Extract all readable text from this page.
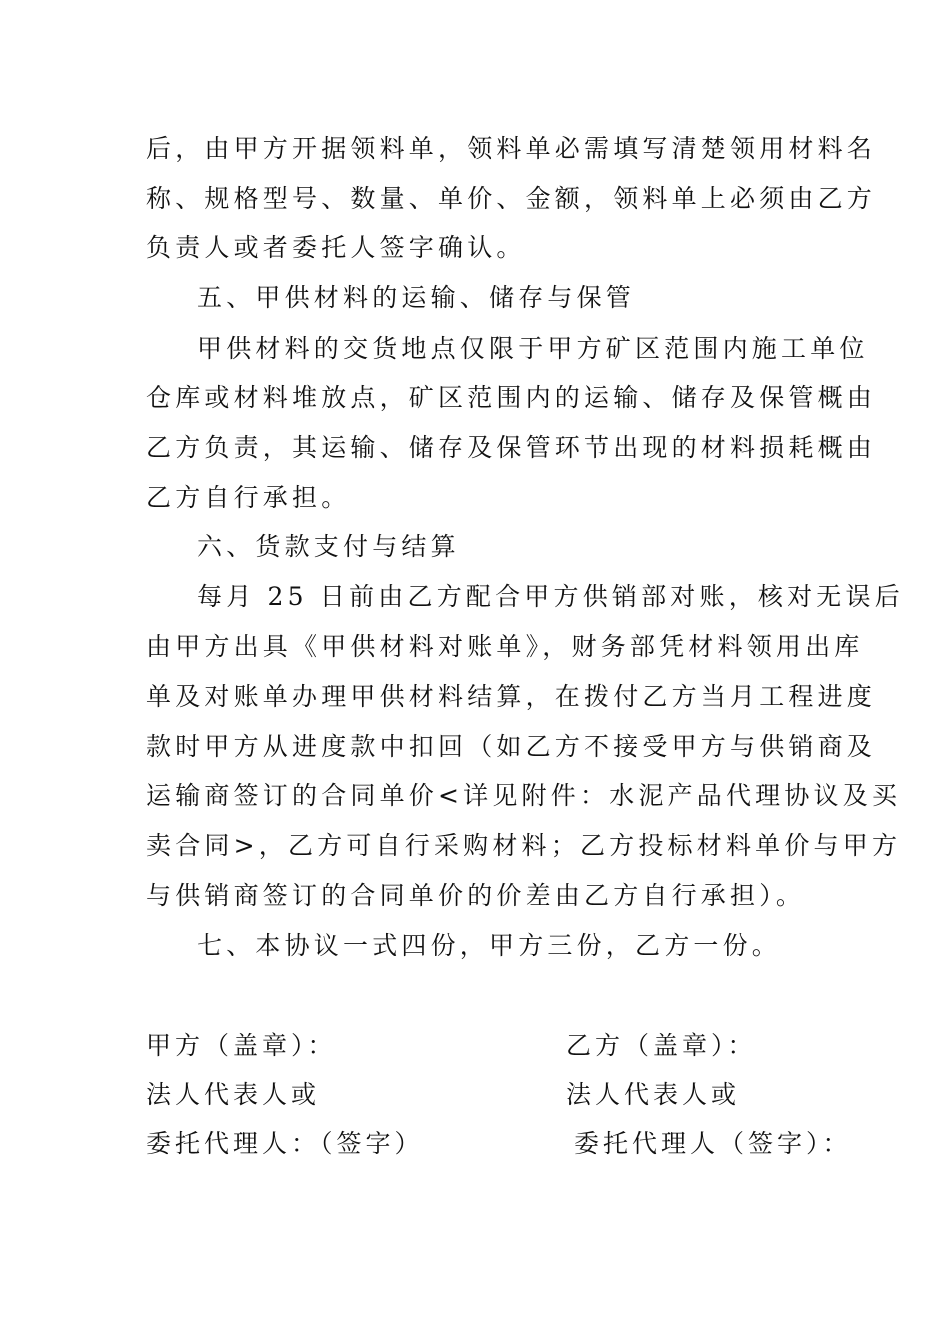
后，由甲方开据领料单，领料单必需填写清楚领用材料名
称、规格型号、数量、单价、金额，领料单上必须由乙方
负责人或者委托人签字确认。
五、甲供材料的运输、储存与保管
甲供材料的交货地点仅限于甲方矿区范围内施工单位
仓库或材料堆放点，矿区范围内的运输、储存及保管概由
乙方负责，其运输、储存及保管环节出现的材料损耗概由
乙方自行承担。
六、货款支付与结算
每月 25 日前由乙方配合甲方供销部对账，核对无误后
由甲方出具《甲供材料对账单》，财务部凭材料领用出库
单及对账单办理甲供材料结算，在拨付乙方当月工程进度
款时甲方从进度款中扣回（如乙方不接受甲方与供销商及
运输商签订的合同单价<详见附件：水泥产品代理协议及买
卖合同>，乙方可自行采购材料；乙方投标材料单价与甲方
与供销商签订的合同单价的价差由乙方自行承担）。
七、本协议一式四份，甲方三份，乙方一份。
甲方（盖章）：
法人代表人或
委托代理人：（签字）
乙方（盖章）：
法人代表人或
委托代理人（签字）：
